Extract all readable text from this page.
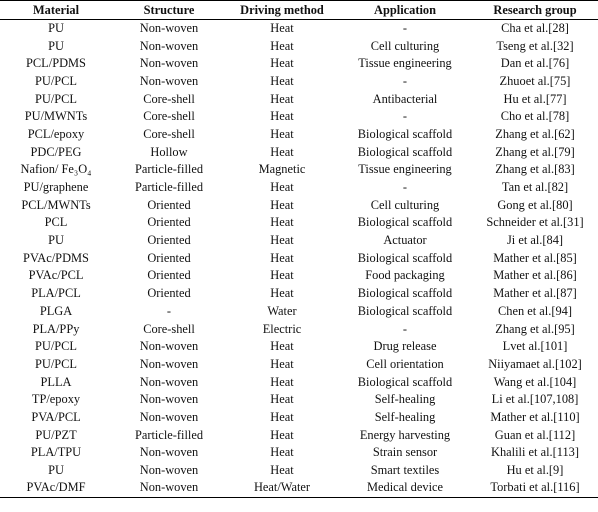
Material	Structure	Driving method	Application	Research group
PU	Non-woven	Heat	-	Cha et al.[28]
PU	Non-woven	Heat	Cell culturing	Tseng et al.[32]
PCL/PDMS	Non-woven	Heat	Tissue engineering	Dan et al.[76]
PU/PCL	Non-woven	Heat	-	Zhuoet al.[75]
PU/PCL	Core-shell	Heat	Antibacterial	Hu et al.[77]
PU/MWNTs	Core-shell	Heat	-	Cho et al.[78]
PCL/epoxy	Core-shell	Heat	Biological scaffold	Zhang et al.[62]
PDC/PEG	Hollow	Heat	Biological scaffold	Zhang et al.[79]
Nafion/ Fe₃O₄	Particle-filled	Magnetic	Tissue engineering	Zhang et al.[83]
PU/graphene	Particle-filled	Heat	-	Tan et al.[82]
PCL/MWNTs	Oriented	Heat	Cell culturing	Gong et al.[80]
PCL	Oriented	Heat	Biological scaffold	Schneider et al.[31]
PU	Oriented	Heat	Actuator	Ji et al.[84]
PVAc/PDMS	Oriented	Heat	Biological scaffold	Mather et al.[85]
PVAc/PCL	Oriented	Heat	Food packaging	Mather et al.[86]
PLA/PCL	Oriented	Heat	Biological scaffold	Mather et al.[87]
PLGA	-	Water	Biological scaffold	Chen et al.[94]
PLA/PPy	Core-shell	Electric	-	Zhang et al.[95]
PU/PCL	Non-woven	Heat	Drug release	Lvet al.[101]
PU/PCL	Non-woven	Heat	Cell orientation	Niiyamaet al.[102]
PLLA	Non-woven	Heat	Biological scaffold	Wang et al.[104]
TP/epoxy	Non-woven	Heat	Self-healing	Li et al.[107,108]
PVA/PCL	Non-woven	Heat	Self-healing	Mather et al.[110]
PU/PZT	Particle-filled	Heat	Energy harvesting	Guan et al.[112]
PLA/TPU	Non-woven	Heat	Strain sensor	Khalili et al.[113]
PU	Non-woven	Heat	Smart textiles	Hu et al.[9]
PVAc/DMF	Non-woven	Heat/Water	Medical device	Torbati et al.[116]
